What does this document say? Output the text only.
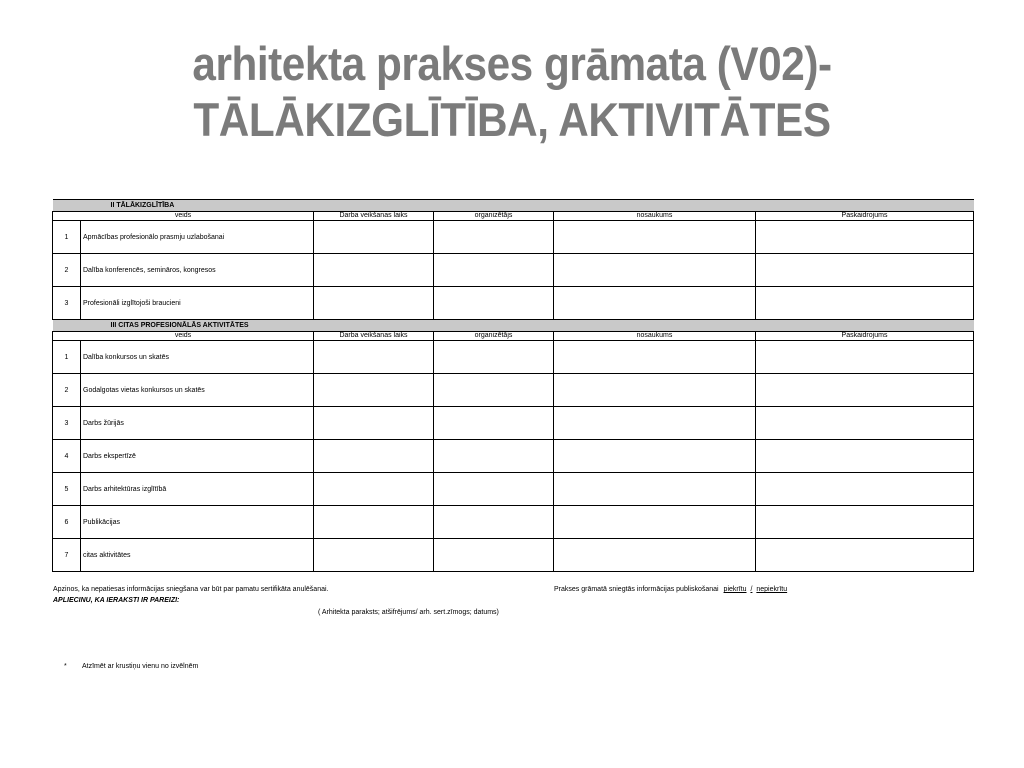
arhitekta prakses grāmata (V02)-
TĀLĀKIZGLĪTĪBA, AKTIVITĀTES
	II TĀLĀKIZGLĪTĪBA				
veids		Darba veikšanas laiks	organizētājs	nosaukums	Paskaidrojums
1	Apmācības profesionālo prasmju uzlabošanai				
2	Dalība konferencēs, semināros, kongresos				
3	Profesionāli izglītojoši braucieni				
	III CITAS PROFESIONĀLĀS AKTIVITĀTES				
veids		Darba veikšanas laiks	organizētājs	nosaukums	Paskaidrojums
1	Dalība konkursos un skatēs				
2	Godalgotas vietas konkursos un skatēs				
3	Darbs žūrijās				
4	Darbs ekspertīzē				
5	Darbs arhitektūras izglītībā				
6	Publikācijas				
7	citas aktivitātes				
Apzinos, ka nepatiesas informācijas sniegšana var būt par pamatu sertifikāta anulēšanai.	Prakses grāmatā sniegtās informācijas publiskošanai piekrītu / nepiekrītu
APLIECINU, KA IERAKSTI IR PAREIZI:
( Arhitekta paraksts; atšifrējums/ arh. sert.zīmogs; datums)
* Atzīmēt ar krustiņu vienu no izvēlnēm
